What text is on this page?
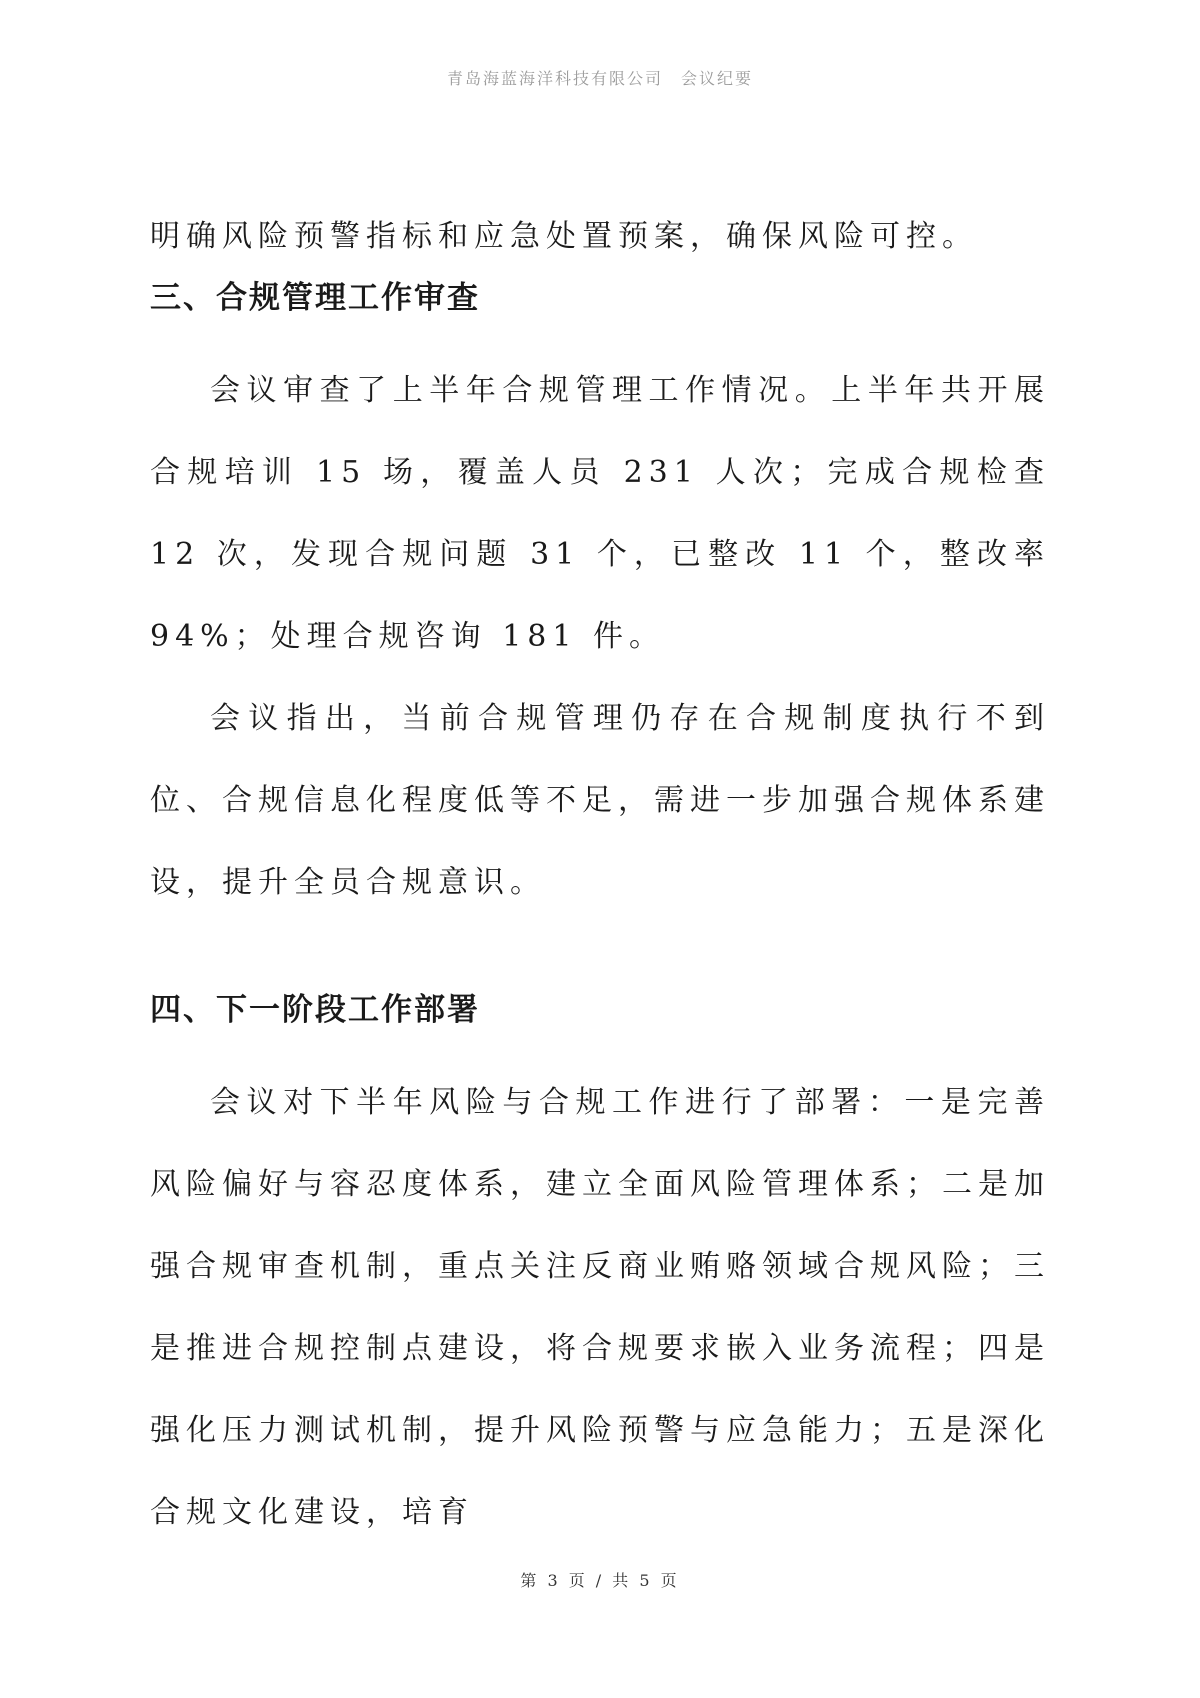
青岛海蓝海洋科技有限公司 会议纪要

明确风险预警指标和应急处置预案，确保风险可控。

三、合规管理工作审查

会议审查了上半年合规管理工作情况。上半年共开展合规培训 15 场，覆盖人员 231 人次；完成合规检查 12 次，发现合规问题 31 个，已整改 11 个，整改率 94%；处理合规咨询 181 件。

会议指出，当前合规管理仍存在合规制度执行不到位、合规信息化程度低等不足，需进一步加强合规体系建设，提升全员合规意识。

四、下一阶段工作部署

会议对下半年风险与合规工作进行了部署：一是完善风险偏好与容忍度体系，建立全面风险管理体系；二是加强合规审查机制，重点关注反商业贿赂领域合规风险；三是推进合规控制点建设，将合规要求嵌入业务流程；四是强化压力测试机制，提升风险预警与应急能力；五是深化合规文化建设，培育

第 3 页 / 共 5 页
